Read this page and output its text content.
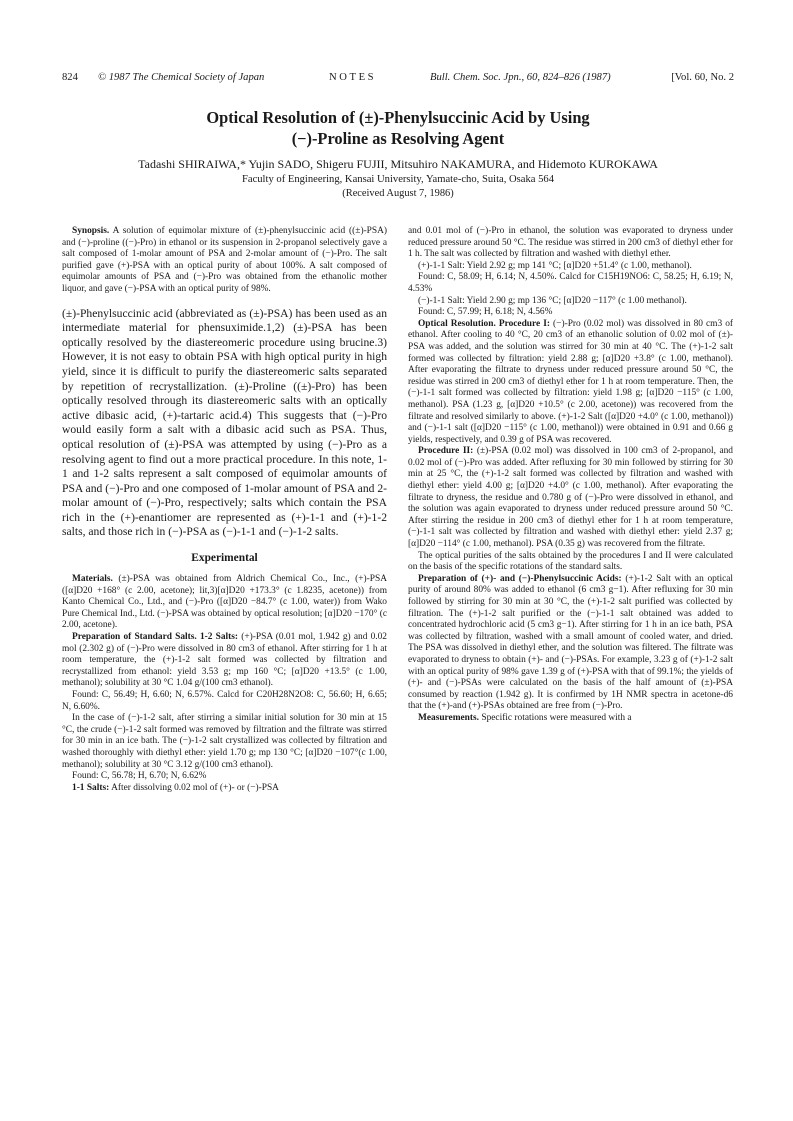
824 © 1987 The Chemical Society of Japan	NOTES	Bull. Chem. Soc. Jpn., 60, 824–826 (1987)	[Vol. 60, No. 2
Optical Resolution of (±)-Phenylsuccinic Acid by Using
(−)-Proline as Resolving Agent
Tadashi SHIRAIWA,* Yujin SADO, Shigeru FUJII, Mitsuhiro NAKAMURA, and Hidemoto KUROKAWA
Faculty of Engineering, Kansai University, Yamate-cho, Suita, Osaka 564
(Received August 7, 1986)

Synopsis. A solution of equimolar mixture of (±)-phenylsuccinic acid ((±)-PSA) and (−)-proline ((−)-Pro) in ethanol or its suspension in 2-propanol selectively gave a salt composed of 1-molar amount of PSA and 2-molar amount of (−)-Pro. The salt purified gave (+)-PSA with an optical purity of about 100%. A salt composed of equimolar amounts of PSA and (−)-Pro was obtained from the ethanolic mother liquor, and gave (−)-PSA with an optical purity of 98%.

(±)-Phenylsuccinic acid (abbreviated as (±)-PSA) has been used as an intermediate material for phensuximide.1,2) (±)-PSA has been optically resolved by the diastereomeric procedure using brucine.3) However, it is not easy to obtain PSA with high optical purity in high yield, since it is difficult to purify the diastereomeric salts separated by repetition of recrystallization. (±)-Proline ((±)-Pro) has been optically resolved through its diastereomeric salts with an optically active dibasic acid, (+)-tartaric acid.4) This suggests that (−)-Pro would easily form a salt with a dibasic acid such as PSA. Thus, optical resolution of (±)-PSA was attempted by using (−)-Pro as a resolving agent to find out a more practical procedure. In this note, 1-1 and 1-2 salts represent a salt composed of equimolar amounts of PSA and (−)-Pro and one composed of 1-molar amount of PSA and 2-molar amount of (−)-Pro, respectively; salts which contain the PSA rich in the (+)-enantiomer are represented as (+)-1-1 and (+)-1-2 salts, and those rich in (−)-PSA as (−)-1-1 and (−)-1-2 salts.

Experimental

Materials. (±)-PSA was obtained from Aldrich Chemical Co., Inc., (+)-PSA ([α]D20 +168° (c 2.00, acetone); lit,3)[α]D20 +173.3° (c 1.8235, acetone)) from Kanto Chemical Co., Ltd., and (−)-Pro ([α]D20 −84.7° (c 1.00, water)) from Wako Pure Chemical Ind., Ltd. (−)-PSA was obtained by optical resolution; [α]D20 −170° (c 2.00, acetone).

Preparation of Standard Salts. 1-2 Salts: (+)-PSA (0.01 mol, 1.942 g) and 0.02 mol (2.302 g) of (−)-Pro were dissolved in 80 cm3 of ethanol. After stirring for 1 h at room temperature, the (+)-1-2 salt formed was collected by filtration and recrystallized from ethanol: yield 3.53 g; mp 160 °C; [α]D20 +13.5° (c 1.00, methanol); solubility at 30 °C 1.04 g/(100 cm3 ethanol).

Found: C, 56.49; H, 6.60; N, 6.57%. Calcd for C20H28N2O8: C, 56.60; H, 6.65; N, 6.60%.

In the case of (−)-1-2 salt, after stirring a similar initial solution for 30 min at 15 °C, the crude (−)-1-2 salt formed was removed by filtration and the filtrate was stirred for 30 min in an ice bath. The (−)-1-2 salt crystallized was collected by filtration and washed thoroughly with diethyl ether: yield 1.70 g; mp 130 °C; [α]D20 −107°(c 1.00, methanol); solubility at 30 °C 3.12 g/(100 cm3 ethanol).

Found: C, 56.78; H, 6.70; N, 6.62%

1-1 Salts: After dissolving 0.02 mol of (+)- or (−)-PSA

and 0.01 mol of (−)-Pro in ethanol, the solution was evaporated to dryness under reduced pressure around 50 °C. The residue was stirred in 200 cm3 of diethyl ether for 1 h. The salt was collected by filtration and washed with diethyl ether.

(+)-1-1 Salt: Yield 2.92 g; mp 141 °C; [α]D20 +51.4° (c 1.00, methanol).

Found: C, 58.09; H, 6.14; N, 4.50%. Calcd for C15H19NO6: C, 58.25; H, 6.19; N, 4.53%

(−)-1-1 Salt: Yield 2.90 g; mp 136 °C; [α]D20 −117° (c 1.00 methanol).

Found: C, 57.99; H, 6.18; N, 4.56%

Optical Resolution. Procedure I: (−)-Pro (0.02 mol) was dissolved in 80 cm3 of ethanol. After cooling to 40 °C, 20 cm3 of an ethanolic solution of 0.02 mol of (±)-PSA was added, and the solution was stirred for 30 min at 40 °C. The (+)-1-2 salt formed was collected by filtration: yield 2.88 g; [α]D20 +3.8° (c 1.00, methanol). After evaporating the filtrate to dryness under reduced pressure around 50 °C, the residue was stirred in 200 cm3 of diethyl ether for 1 h at room temperature. Then, the (−)-1-1 salt formed was collected by filtration: yield 1.98 g; [α]D20 −115° (c 1.00, methanol). PSA (1.23 g, [α]D20 +10.5° (c 2.00, acetone)) was recovered from the filtrate and resolved similarly to above. (+)-1-2 Salt ([α]D20 +4.0° (c 1.00, methanol)) and (−)-1-1 salt ([α]D20 −115° (c 1.00, methanol)) were obtained in 0.91 and 0.66 g yields, respectively, and 0.39 g of PSA was recovered.

Procedure II: (±)-PSA (0.02 mol) was dissolved in 100 cm3 of 2-propanol, and 0.02 mol of (−)-Pro was added. After refluxing for 30 min followed by stirring for 30 min at 25 °C, the (+)-1-2 salt formed was collected by filtration and washed with diethyl ether: yield 4.00 g; [α]D20 +4.0° (c 1.00, methanol). After evaporating the filtrate to dryness, the residue and 0.780 g of (−)-Pro were dissolved in ethanol, and the solution was again evaporated to dryness under reduced pressure around 50 °C. After stirring the residue in 200 cm3 of diethyl ether for 1 h at room temperature, (−)-1-1 salt was collected by filtration and washed with diethyl ether: yield 2.37 g; [α]D20 −114° (c 1.00, methanol). PSA (0.35 g) was recovered from the filtrate.

The optical purities of the salts obtained by the procedures I and II were calculated on the basis of the specific rotations of the standard salts.

Preparation of (+)- and (−)-Phenylsuccinic Acids: (+)-1-2 Salt with an optical purity of around 80% was added to ethanol (6 cm3 g−1). After refluxing for 30 min followed by stirring for 30 min at 30 °C, the (+)-1-2 salt purified was collected by filtration. The (+)-1-2 salt purified or the (−)-1-1 salt obtained was added to concentrated hydrochloric acid (5 cm3 g−1). After stirring for 1 h in an ice bath, PSA was collected by filtration, washed with a small amount of cooled water, and dried. The PSA was dissolved in diethyl ether, and the solution was filtered. The filtrate was evaporated to dryness to obtain (+)- and (−)-PSAs. For example, 3.23 g of (+)-1-2 salt with an optical purity of 98% gave 1.39 g of (+)-PSA with that of 99.1%; the yields of (+)- and (−)-PSAs were calculated on the basis of the half amount of (±)-PSA consumed by reaction (1.942 g). It is confirmed by 1H NMR spectra in acetone-d6 that the (+)-and (+)-PSAs obtained are free from (−)-Pro.

Measurements. Specific rotations were measured with a
